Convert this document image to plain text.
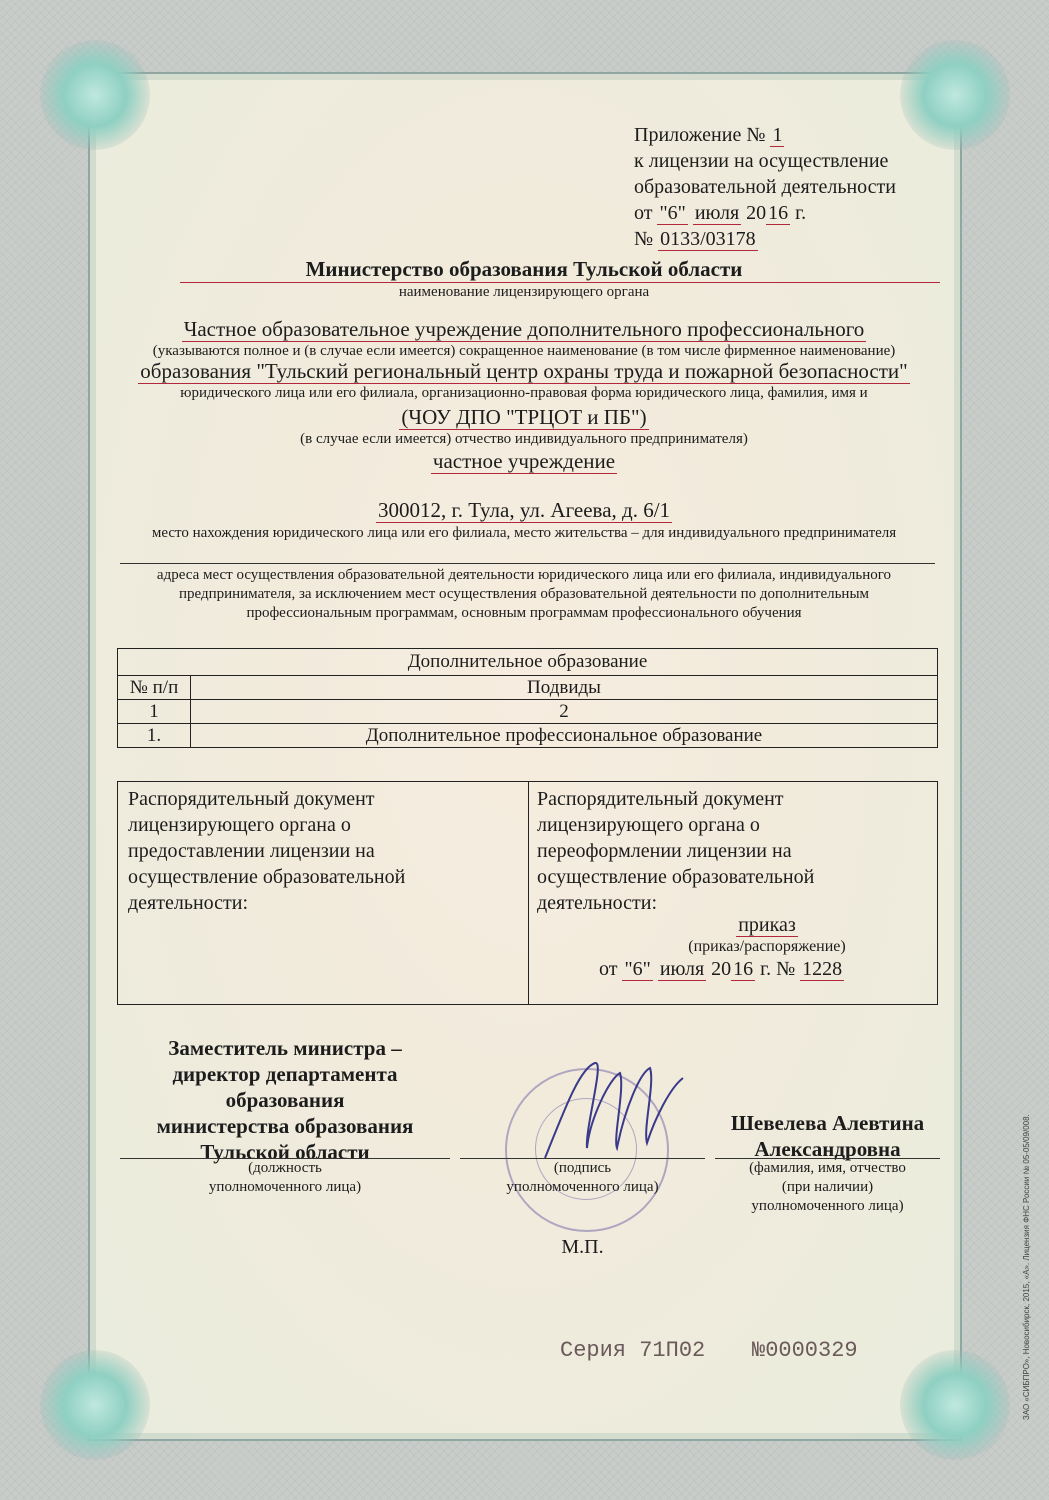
Приложение № 1
к лицензии на осуществление
образовательной деятельности
от "6" июля 20 16 г.
№ 0133/03178
Министерство образования Тульской области
наименование лицензирующего органа
Частное образовательное учреждение дополнительного профессионального
(указываются полное и (в случае если имеется) сокращенное наименование (в том числе фирменное наименование)
образования "Тульский региональный центр охраны труда и пожарной безопасности"
юридического лица или его филиала, организационно-правовая форма юридического лица, фамилия, имя и
(ЧОУ ДПО "ТРЦОТ и ПБ")
(в случае если имеется) отчество индивидуального предпринимателя)
частное учреждение
300012, г. Тула, ул. Агеева, д. 6/1
место нахождения юридического лица или его филиала, место жительства – для индивидуального предпринимателя
адреса мест осуществления образовательной деятельности юридического лица или его филиала, индивидуального
предпринимателя, за исключением мест осуществления образовательной деятельности по дополнительным
профессиональным программам, основным программам профессионального обучения
Дополнительное образование	
№ п/п	Подвиды
1	2
1.	Дополнительное профессиональное образование
Распорядительный документ
лицензирующего органа о
предоставлении лицензии на
осуществление образовательной
деятельности:
Распорядительный документ
лицензирующего органа о
переоформлении лицензии на
осуществление образовательной
деятельности:
приказ
(приказ/распоряжение)
от "6" июля 20 16 г. № 1228
Заместитель министра –
директор департамента
образования
министерства образования
Тульской области
(должность
уполномоченного лица)
(подпись
уполномоченного лица)
М.П.
Шевелева Алевтина
Александровна
(фамилия, имя, отчество
(при наличии)
уполномоченного лица)
Серия 71П02 №0000329	ЗАО «СИБПРО», Новосибирск, 2015, «А». Лицензия ФНС России № 05-05/09/008.
